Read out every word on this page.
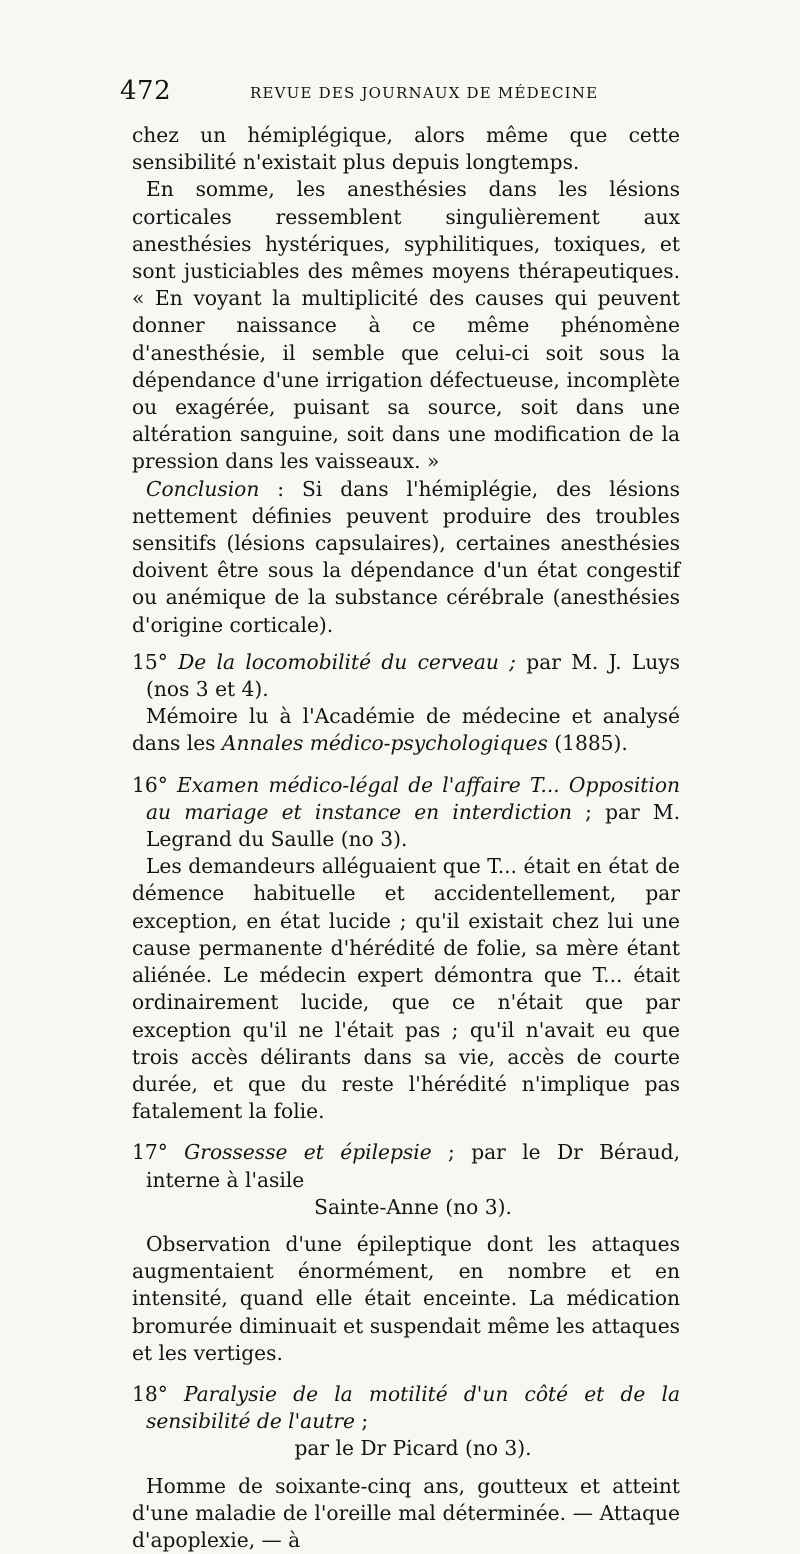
472	REVUE DES JOURNAUX DE MÉDECINE

chez un hémiplégique, alors même que cette sensibilité n'existait plus depuis longtemps.

En somme, les anesthésies dans les lésions corticales ressemblent singulièrement aux anesthésies hystériques, syphilitiques, toxiques, et sont justiciables des mêmes moyens thérapeutiques. « En voyant la multiplicité des causes qui peuvent donner naissance à ce même phénomène d'anesthésie, il semble que celui-ci soit sous la dépendance d'une irrigation défectueuse, incomplète ou exagérée, puisant sa source, soit dans une altération sanguine, soit dans une modification de la pression dans les vaisseaux. »

Conclusion : Si dans l'hémiplégie, des lésions nettement définies peuvent produire des troubles sensitifs (lésions capsulaires), certaines anesthésies doivent être sous la dépendance d'un état congestif ou anémique de la substance cérébrale (anesthésies d'origine corticale).

15° De la locomobilité du cerveau ; par M. J. Luys (nos 3 et 4).

Mémoire lu à l'Académie de médecine et analysé dans les Annales médico-psychologiques (1885).

16° Examen médico-légal de l'affaire T... Opposition au mariage et instance en interdiction ; par M. Legrand du Saulle (no 3).

Les demandeurs alléguaient que T... était en état de démence habituelle et accidentellement, par exception, en état lucide ; qu'il existait chez lui une cause permanente d'hérédité de folie, sa mère étant aliénée. Le médecin expert démontra que T... était ordinairement lucide, que ce n'était que par exception qu'il ne l'était pas ; qu'il n'avait eu que trois accès délirants dans sa vie, accès de courte durée, et que du reste l'hérédité n'implique pas fatalement la folie.

17° Grossesse et épilepsie ; par le Dr Béraud, interne à l'asile
Sainte-Anne (no 3).

Observation d'une épileptique dont les attaques augmentaient énormément, en nombre et en intensité, quand elle était enceinte. La médication bromurée diminuait et suspendait même les attaques et les vertiges.

18° Paralysie de la motilité d'un côté et de la sensibilité de l'autre ;
par le Dr Picard (no 3).

Homme de soixante-cinq ans, goutteux et atteint d'une maladie de l'oreille mal déterminée. — Attaque d'apoplexie, — à
